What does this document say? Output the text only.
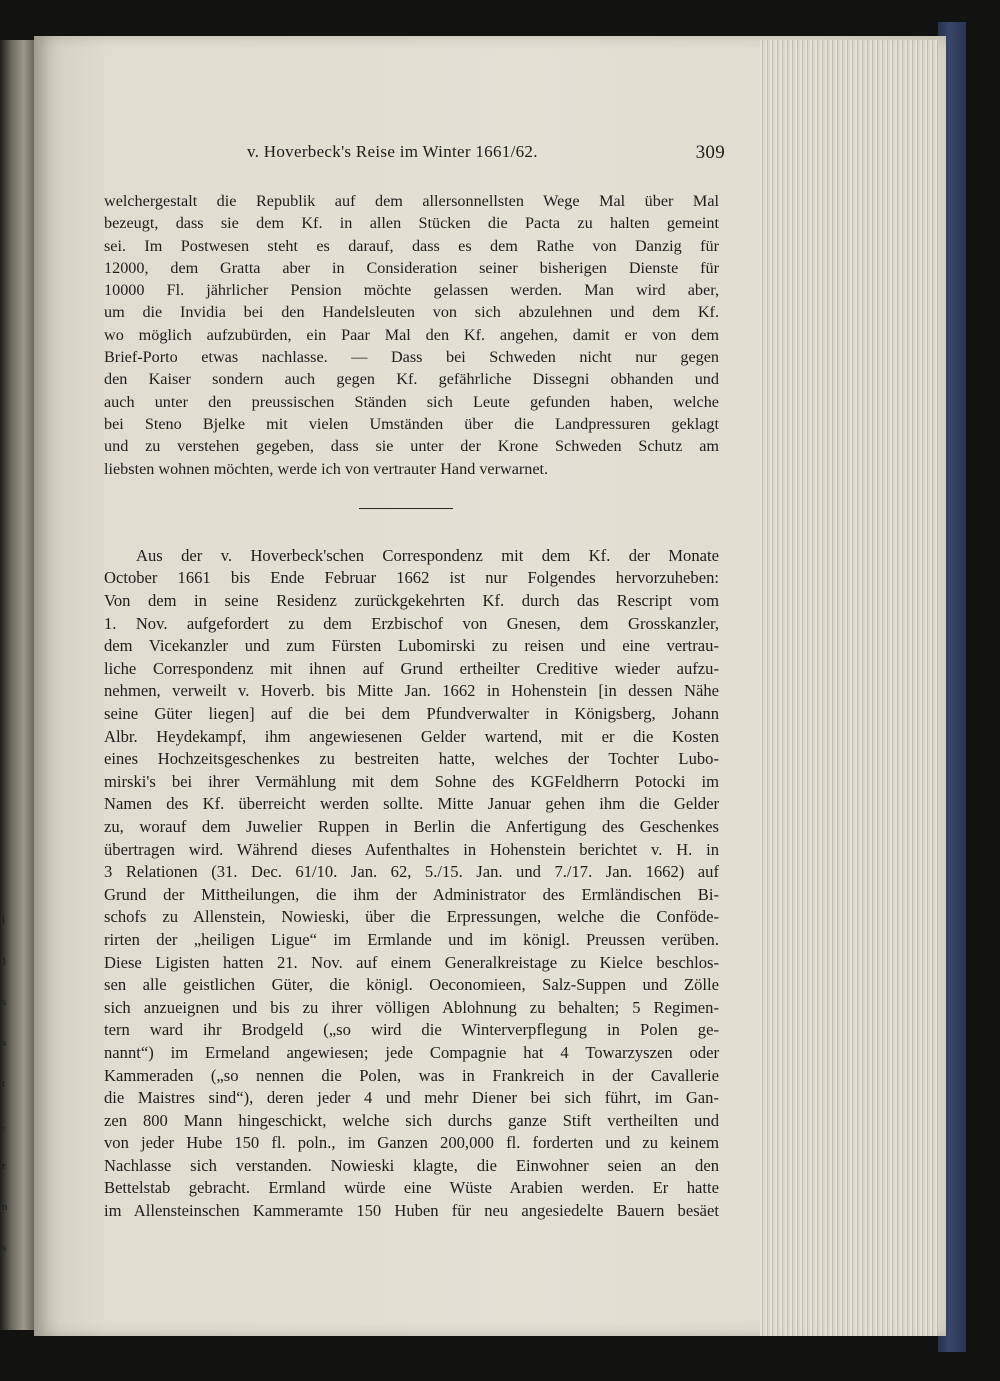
i
)
s
s
t
,
r
n
s
v. Hoverbeck's Reise im Winter 1661/62.	309
welchergestalt die Republik auf dem allersonnellsten Wege Mal über Mal
bezeugt, dass sie dem Kf. in allen Stücken die Pacta zu halten gemeint
sei. Im Postwesen steht es darauf, dass es dem Rathe von Danzig für
12000, dem Gratta aber in Consideration seiner bisherigen Dienste für
10000 Fl. jährlicher Pension möchte gelassen werden. Man wird aber,
um die Invidia bei den Handelsleuten von sich abzulehnen und dem Kf.
wo möglich aufzubürden, ein Paar Mal den Kf. angehen, damit er von dem
Brief-Porto etwas nachlasse. — Dass bei Schweden nicht nur gegen
den Kaiser sondern auch gegen Kf. gefährliche Dissegni obhanden und
auch unter den preussischen Ständen sich Leute gefunden haben, welche
bei Steno Bjelke mit vielen Umständen über die Landpressuren geklagt
und zu verstehen gegeben, dass sie unter der Krone Schweden Schutz am
liebsten wohnen möchten, werde ich von vertrauter Hand verwarnet.
Aus der v. Hoverbeck'schen Correspondenz mit dem Kf. der Monate
October 1661 bis Ende Februar 1662 ist nur Folgendes hervorzuheben:
Von dem in seine Residenz zurückgekehrten Kf. durch das Rescript vom
1. Nov. aufgefordert zu dem Erzbischof von Gnesen, dem Grosskanzler,
dem Vicekanzler und zum Fürsten Lubomirski zu reisen und eine vertrau-
liche Correspondenz mit ihnen auf Grund ertheilter Creditive wieder aufzu-
nehmen, verweilt v. Hoverb. bis Mitte Jan. 1662 in Hohenstein [in dessen Nähe
seine Güter liegen] auf die bei dem Pfundverwalter in Königsberg, Johann
Albr. Heydekampf, ihm angewiesenen Gelder wartend, mit er die Kosten
eines Hochzeitsgeschenkes zu bestreiten hatte, welches der Tochter Lubo-
mirski's bei ihrer Vermählung mit dem Sohne des KGFeldherrn Potocki im
Namen des Kf. überreicht werden sollte. Mitte Januar gehen ihm die Gelder
zu, worauf dem Juwelier Ruppen in Berlin die Anfertigung des Geschenkes
übertragen wird. Während dieses Aufenthaltes in Hohenstein berichtet v. H. in
3 Relationen (31. Dec. 61/10. Jan. 62, 5./15. Jan. und 7./17. Jan. 1662) auf
Grund der Mittheilungen, die ihm der Administrator des Ermländischen Bi-
schofs zu Allenstein, Nowieski, über die Erpressungen, welche die Conföde-
rirten der „heiligen Ligue“ im Ermlande und im königl. Preussen verüben.
Diese Ligisten hatten 21. Nov. auf einem Generalkreistage zu Kielce beschlos-
sen alle geistlichen Güter, die königl. Oeconomieen, Salz-Suppen und Zölle
sich anzueignen und bis zu ihrer völligen Ablohnung zu behalten; 5 Regimen-
tern ward ihr Brodgeld („so wird die Winterverpflegung in Polen ge-
nannt“) im Ermeland angewiesen; jede Compagnie hat 4 Towarzyszen oder
Kammeraden („so nennen die Polen, was in Frankreich in der Cavallerie
die Maistres sind“), deren jeder 4 und mehr Diener bei sich führt, im Gan-
zen 800 Mann hingeschickt, welche sich durchs ganze Stift vertheilten und
von jeder Hube 150 fl. poln., im Ganzen 200,000 fl. forderten und zu keinem
Nachlasse sich verstanden. Nowieski klagte, die Einwohner seien an den
Bettelstab gebracht. Ermland würde eine Wüste Arabien werden. Er hatte
im Allensteinschen Kammeramte 150 Huben für neu angesiedelte Bauern besäet
